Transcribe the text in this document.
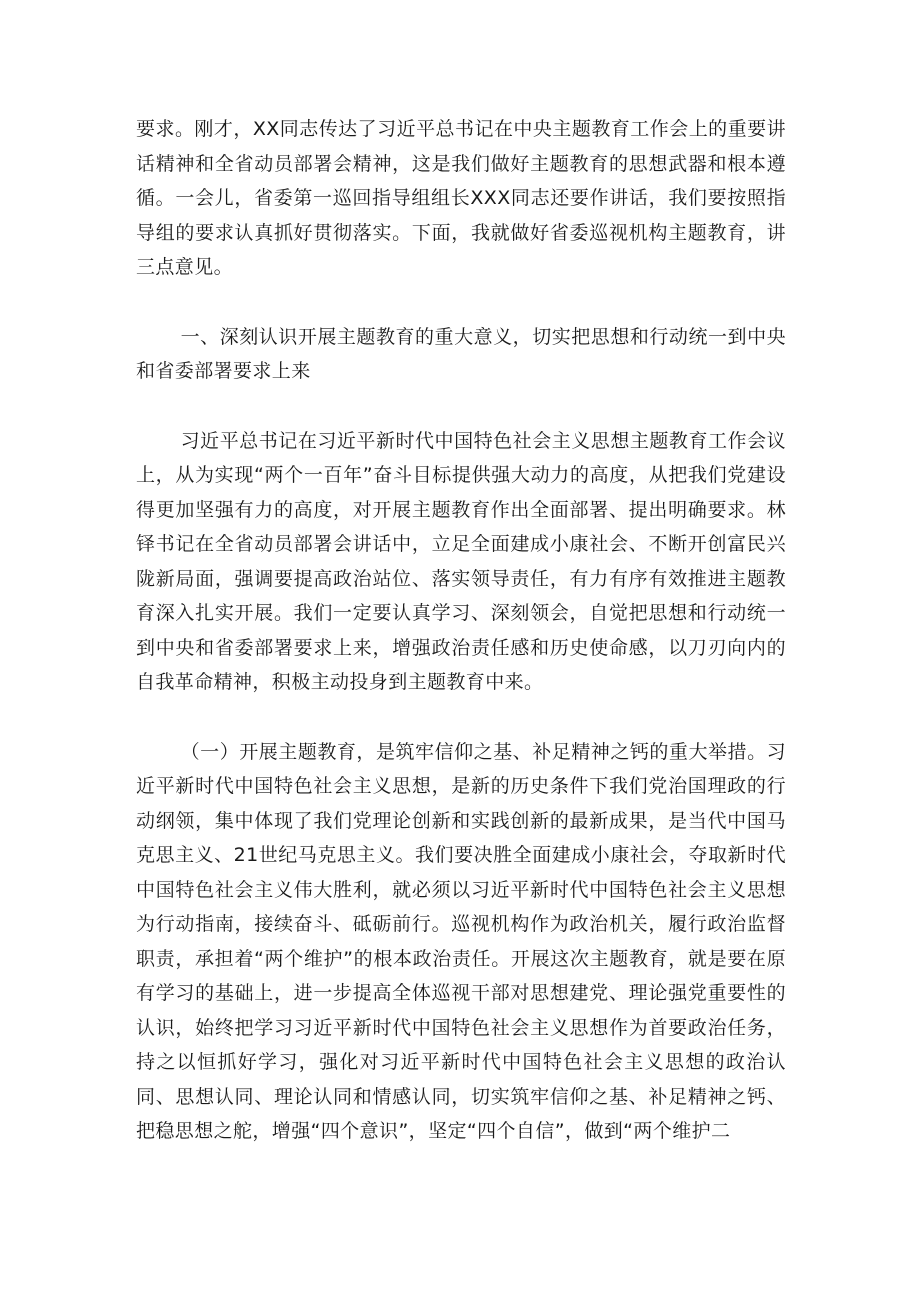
要求。刚才，XX同志传达了习近平总书记在中央主题教育工作会上的重要讲话精神和全省动员部署会精神，这是我们做好主题教育的思想武器和根本遵循。一会儿，省委第一巡回指导组组长XXX同志还要作讲话，我们要按照指导组的要求认真抓好贯彻落实。下面，我就做好省委巡视机构主题教育，讲三点意见。

一、深刻认识开展主题教育的重大意义，切实把思想和行动统一到中央和省委部署要求上来

习近平总书记在习近平新时代中国特色社会主义思想主题教育工作会议上，从为实现“两个一百年”奋斗目标提供强大动力的高度，从把我们党建设得更加坚强有力的高度，对开展主题教育作出全面部署、提出明确要求。林铎书记在全省动员部署会讲话中，立足全面建成小康社会、不断开创富民兴陇新局面，强调要提高政治站位、落实领导责任，有力有序有效推进主题教育深入扎实开展。我们一定要认真学习、深刻领会，自觉把思想和行动统一到中央和省委部署要求上来，增强政治责任感和历史使命感，以刀刃向内的自我革命精神，积极主动投身到主题教育中来。

（一）开展主题教育，是筑牢信仰之基、补足精神之钙的重大举措。习近平新时代中国特色社会主义思想，是新的历史条件下我们党治国理政的行动纲领，集中体现了我们党理论创新和实践创新的最新成果，是当代中国马克思主义、21世纪马克思主义。我们要决胜全面建成小康社会，夺取新时代中国特色社会主义伟大胜利，就必须以习近平新时代中国特色社会主义思想为行动指南，接续奋斗、砥砺前行。巡视机构作为政治机关，履行政治监督职责，承担着“两个维护”的根本政治责任。开展这次主题教育，就是要在原有学习的基础上，进一步提高全体巡视干部对思想建党、理论强党重要性的认识，始终把学习习近平新时代中国特色社会主义思想作为首要政治任务，持之以恒抓好学习，强化对习近平新时代中国特色社会主义思想的政治认同、思想认同、理论认同和情感认同，切实筑牢信仰之基、补足精神之钙、把稳思想之舵，增强“四个意识”，坚定“四个自信”，做到“两个维护二
